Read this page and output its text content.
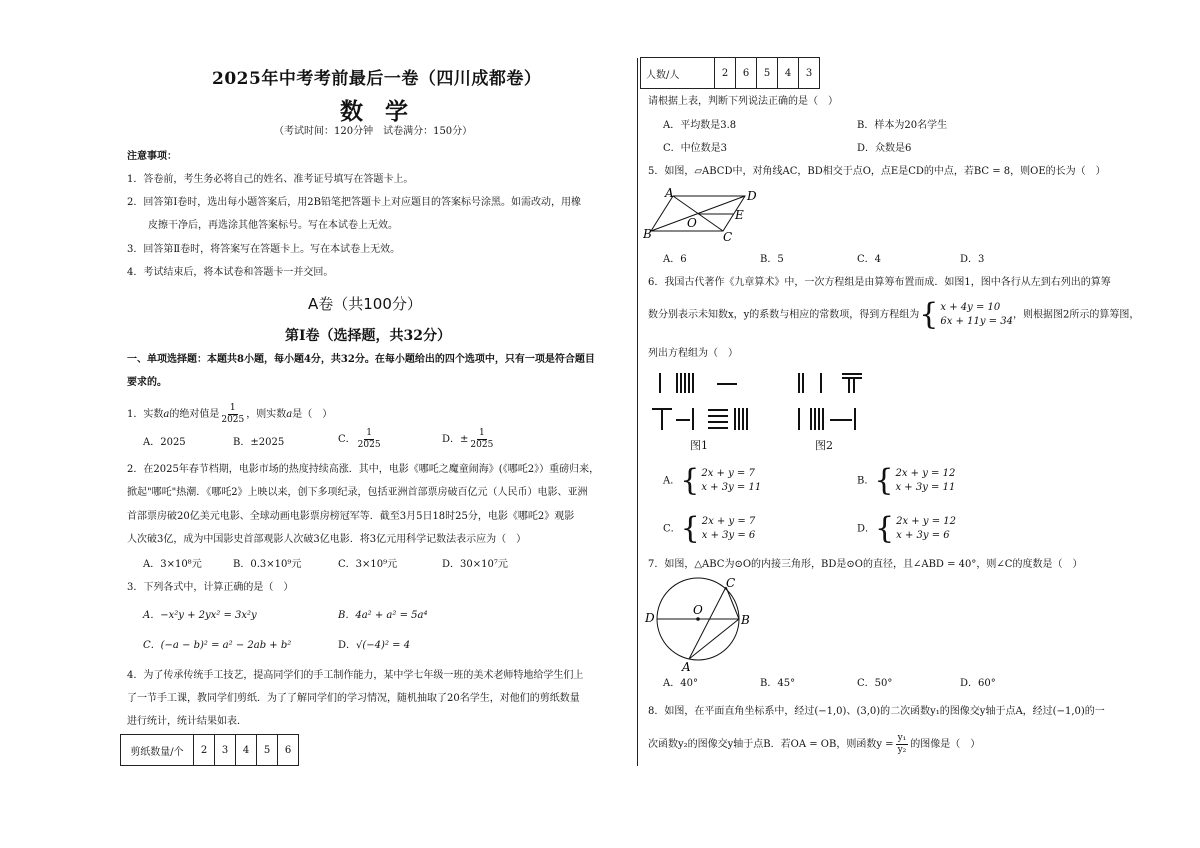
2025年中考考前最后一卷（四川成都卷）
数学
（考试时间：120分钟　试卷满分：150分）
注意事项：
1．答卷前，考生务必将自己的姓名、准考证号填写在答题卡上。
2．回答第Ⅰ卷时，选出每小题答案后，用2B铅笔把答题卡上对应题目的答案标号涂黑。如需改动，用橡
皮擦干净后，再选涂其他答案标号。写在本试卷上无效。
3．回答第Ⅱ卷时，将答案写在答题卡上。写在本试卷上无效。
4．考试结束后，将本试卷和答题卡一并交回。
A卷（共100分）
第Ⅰ卷（选择题，共32分）
一、单项选择题：本题共8小题，每小题4分，共32分。在每小题给出的四个选项中，只有一项是符合题目
要求的。
1．实数a的绝对值是 $\frac{1}{2025}$ ，则实数a是（　）
A．2025	B．±2025	C． $\frac{1}{2025}$	D．± $\frac{1}{2025}$
2．在2025年春节档期，电影市场的热度持续高涨．其中，电影《哪吒之魔童闹海》(《哪吒2》）重磅归来，
掀起"哪吒"热潮．《哪吒2》上映以来，创下多项纪录，包括亚洲首部票房破百亿元（人民币）电影、亚洲
首部票房破20亿美元电影、全球动画电影票房榜冠军等．截至3月5日18时25分，电影《哪吒2》观影
人次破3亿，成为中国影史首部观影人次破3亿电影．将3亿元用科学记数法表示应为（　）
A．3×10⁸元	B．0.3×10⁹元	C．3×10⁹元	D．30×10⁷元
3．下列各式中，计算正确的是（　）
A．−x²y + 2yx² = 3x²y	B．4a² + a² = 5a⁴
C．(−a − b)² = a² − 2ab + b²	D．√(−4)² = 4
4．为了传承传统手工技艺，提高同学们的手工制作能力，某中学七年级一班的美术老师特地给学生们上
了一节手工课，教同学们剪纸．为了了解同学们的学习情况，随机抽取了20名学生，对他们的剪纸数量
进行统计，统计结果如表．
剪纸数量/个	2	3	4	5	6
人数/人	2	6	5	4	3
请根据上表，判断下列说法正确的是（　）
A．平均数是3.8	B．样本为20名学生
C．中位数是3	D．众数是6
5．如图，▱ABCD中，对角线AC，BD相交于点O，点E是CD的中点，若BC = 8，则OE的长为（　）
A	D
O
E
B	C
A．6	B．5	C．4	D．3
6．我国古代著作《九章算术》中，一次方程组是由算筹布置而成．如图1，图中各行从左到右列出的算筹
数分别表示未知数x，y的系数与相应的常数项，得到方程组为 { x + 4y = 10
6x + 11y = 34
，则根据图2所示的算筹图，
列出方程组为（　）
图1	图2
A． { 2x + y = 7
x + 3y = 11
B． { 2x + y = 12
x + 3y = 11
C． { 2x + y = 7
x + 3y = 6
D． { 2x + y = 12
x + 3y = 6
7．如图，△ABC为⊙O的内接三角形，BD是⊙O的直径，且∠ABD = 40°，则∠C的度数是（　）
C
O
D	B
A
A．40°	B．45°	C．50°	D．60°
8．如图，在平面直角坐标系中，经过(−1,0)、(3,0)的二次函数y₁的图像交y轴于点A，经过(−1,0)的一
次函数y₂的图像交y轴于点B．若OA = OB，则函数$y = \frac{\text{y₁}}{\text{y₂}}$ 的图像是（　）
